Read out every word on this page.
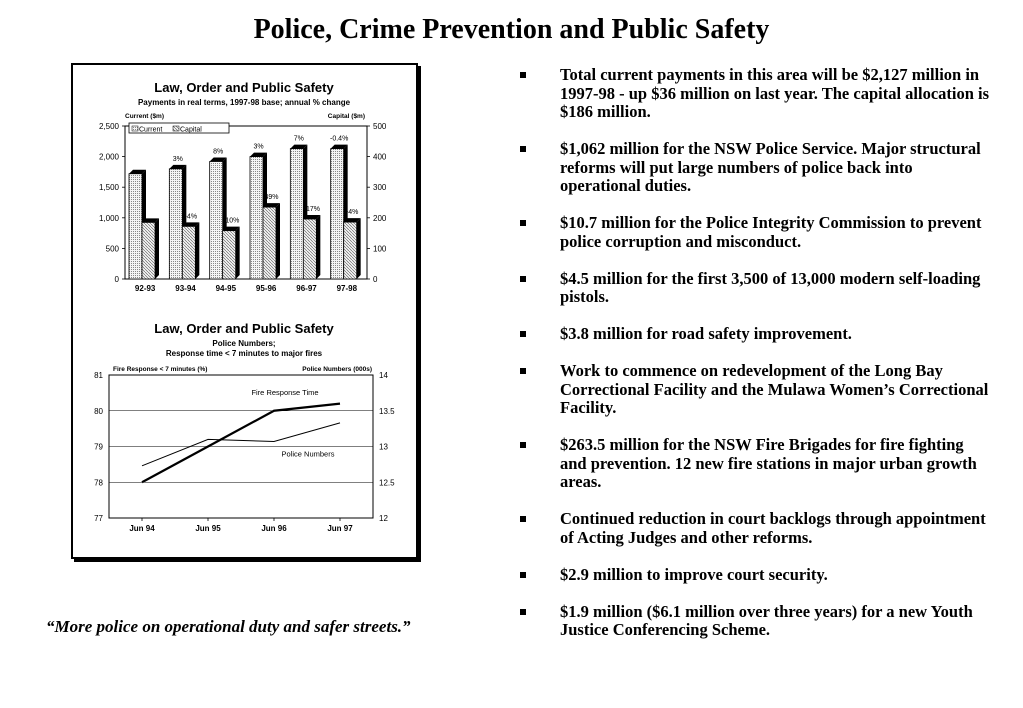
Police, Crime Prevention and Public Safety
Law, Order and Public Safety
Payments in real terms, 1997-98 base; annual % change
Current ($m)	Capital ($m)
0
500
1,000
1,500
2,000
2,500
0
100
200
300
400
500
Current	Capital
92-93
3%
-4%
93-94
8%
-10%
94-95
3%
49%
95-96
7%
-17%
96-97
-0.4%
-4%
97-98
Law, Order and Public Safety
Police Numbers;
Response time < 7 minutes to major fires
Fire Response < 7 minutes (%)	Police Numbers (000s)
77
78
79
80
81
12
12.5
13
13.5
14
Jun 94	Jun 95	Jun 96	Jun 97
Fire Response Time
Police Numbers
“More police on operational duty and safer streets.”
Total current payments in this area will be $2,127 million in 1997-98 - up $36 million on last year. The capital allocation is $186 million.
$1,062 million for the NSW Police Service. Major structural reforms will put large numbers of police back into operational duties.
$10.7 million for the Police Integrity Commission to prevent police corruption and misconduct.
$4.5 million for the first 3,500 of 13,000 modern self-loading pistols.
$3.8 million for road safety improvement.
Work to commence on redevelopment of the Long Bay Correctional Facility and the Mulawa Women’s Correctional Facility.
$263.5 million for the NSW Fire Brigades for fire fighting and prevention. 12 new fire stations in major urban growth areas.
Continued reduction in court backlogs through appointment of Acting Judges and other reforms.
$2.9 million to improve court security.
$1.9 million ($6.1 million over three years) for a new Youth Justice Conferencing Scheme.
